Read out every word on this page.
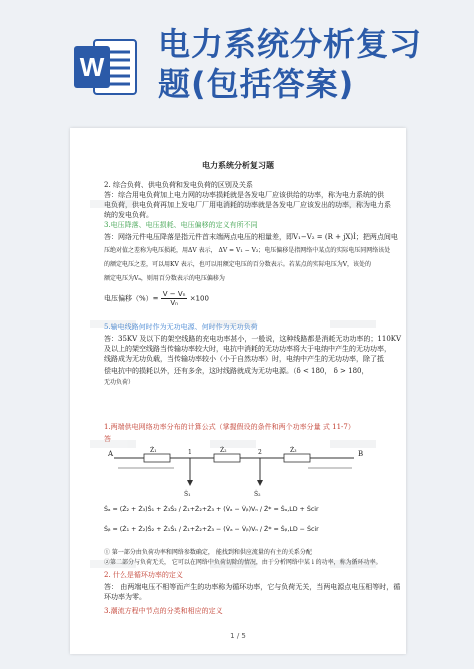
W
电力系统分析复习
题(包括答案)
电力系统分析复习题
2. 综合负荷、供电负荷和发电负荷的区别及关系
答：综合用电负荷加上电力网的功率损耗就是各发电厂应该供给的功率，称为电力系统的供
电负荷，供电负荷再加上发电厂厂用电消耗的功率就是各发电厂应该发出的功率，称为电力系
统的发电负荷。
3.电压降落、电压损耗、电压偏移的定义有所不同
答：网络元件电压降落是指元件首末端两点电压的相量差，即V₁−V₂ = (R + jX)İ；把两点间电
压绝对值之差称为电压损耗，用ΔV 表示， ΔV = V₁ − V₂；电压偏移是指网络中某点的实际电压同网络该处
的额定电压之差，可以用KV 表示，也可以用额定电压的百分数表示。若某点的实际电压为V，该处的
额定电压为Vₙ，则用百分数表示的电压偏移为
电压偏移（%）= $\frac{\text{V − Vₙ}}{\text{Vₙ}} \times 100$
5.输电线路何时作为无功电源、何时作为无功负荷
答：35KV 及以下的架空线路的充电功率甚小，一般说，这种线路都是消耗无功功率的；110KV
及以上的架空线路当传输功率较大时，电抗中消耗的无功功率将大于电纳中产生的无功功率，
线路成为无功负载，当传输功率较小（小于自然功率）时，电纳中产生的无功功率，除了抵
偿电抗中的损耗以外，还有多余，这时线路就成为无功电源。（δ < 180， δ > 180，
无功负荷）
1.两端供电网络功率分布的计算公式（掌握假设的条件和两个功率分量 式 11-7）
答
A	Ż₁	1	Ż₂	2	Ż₃	B
Ṡ₁	Ṡ₂
Ṡₐ = (Ż₂ + Ż₃)Ṡ₁ + Ż₃Ṡ₂ / Ż₁+Ż₂+Ż₃ + (V̇ₐ − V̇ᵦ)Vₙ / Ż* = Ṡₐ,LD + Ṡcir
Ṡᵦ = (Ż₁ + Ż₂)Ṡ₂ + Ż₁Ṡ₁ / Ż₁+Ż₂+Ż₃ − (V̇ₐ − V̇ᵦ)Vₙ / Ż* = Ṡᵦ,LD − Ṡcir
① 第一部分由负荷功率和网络参数确定， 能找到和供应流量的有主的关系分配
②第二部分与负荷无关， 它可以在网络中负荷切除的情况，由于分析网络中某 i 的功率，称为循环功率。
2. 什么是循环功率的定义
答： 由两端电压不相等而产生的功率称为循环功率，它与负荷无关，当两电源点电压相等时，循
环功率为零。
3.潮流方程中节点的分类和相应的定义
1 / 5
